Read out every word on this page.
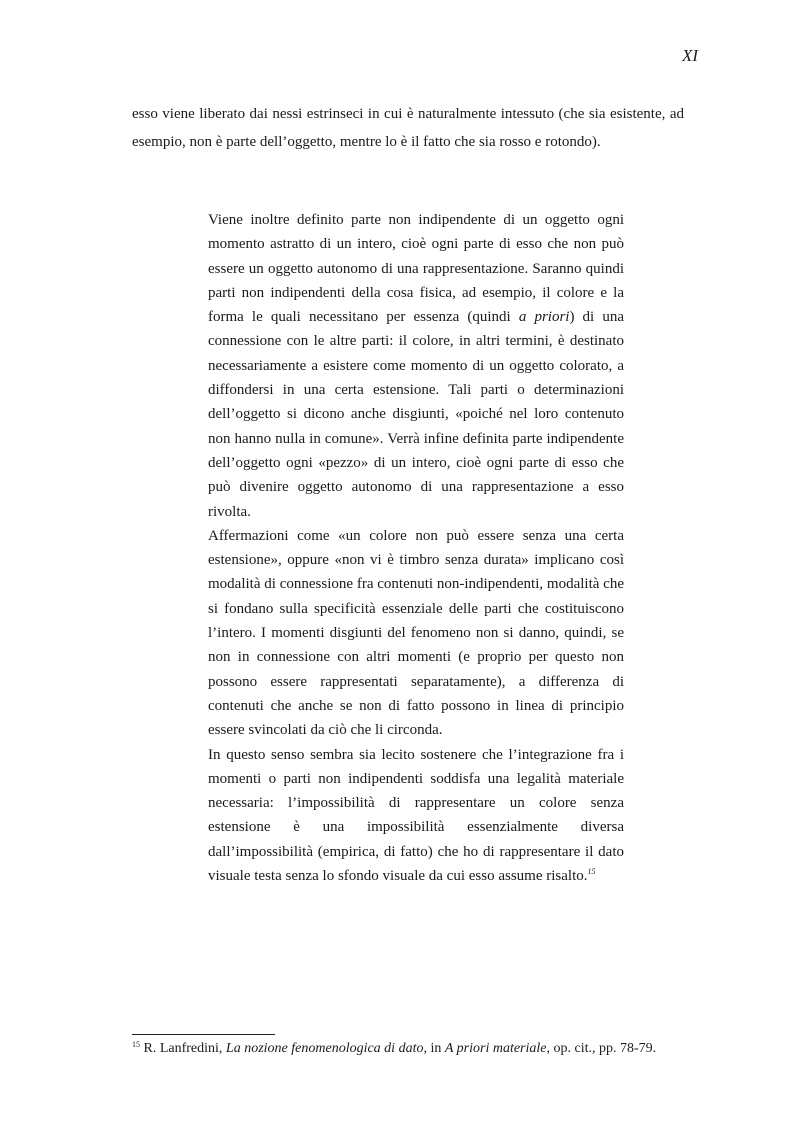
XI

esso viene liberato dai nessi estrinseci in cui è naturalmente intessuto (che sia esistente, ad esempio, non è parte dell’oggetto, mentre lo è il fatto che sia rosso e rotondo).

Viene inoltre definito parte non indipendente di un oggetto ogni momento astratto di un intero, cioè ogni parte di esso che non può essere un oggetto autonomo di una rappresentazione. Saranno quindi parti non indipendenti della cosa fisica, ad esempio, il colore e la forma le quali necessitano per essenza (quindi a priori) di una connessione con le altre parti: il colore, in altri termini, è destinato necessariamente a esistere come momento di un oggetto colorato, a diffondersi in una certa estensione. Tali parti o determinazioni dell’oggetto si dicono anche disgiunti, «poiché nel loro contenuto non hanno nulla in comune». Verrà infine definita parte indipendente dell’oggetto ogni «pezzo» di un intero, cioè ogni parte di esso che può divenire oggetto autonomo di una rappresentazione a esso rivolta.

Affermazioni come «un colore non può essere senza una certa estensione», oppure «non vi è timbro senza durata» implicano così modalità di connessione fra contenuti non-indipendenti, modalità che si fondano sulla specificità essenziale delle parti che costituiscono l’intero. I momenti disgiunti del fenomeno non si danno, quindi, se non in connessione con altri momenti (e proprio per questo non possono essere rappresentati separatamente), a differenza di contenuti che anche se non di fatto possono in linea di principio essere svincolati da ciò che li circonda.

In questo senso sembra sia lecito sostenere che l’integrazione fra i momenti o parti non indipendenti soddisfa una legalità materiale necessaria: l’impossibilità di rappresentare un colore senza estensione è una impossibilità essenzialmente diversa dall’impossibilità (empirica, di fatto) che ho di rappresentare il dato visuale testa senza lo sfondo visuale da cui esso assume risalto.$^{15}$

$^{15}$ R. Lanfredini, La nozione fenomenologica di dato, in A priori materiale, op. cit., pp. 78-79.
